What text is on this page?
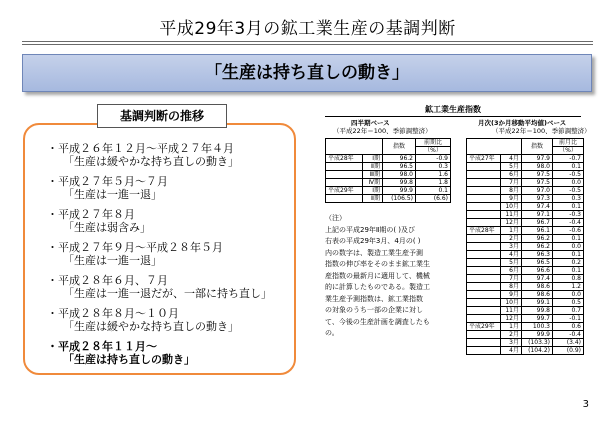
平成29年3月の鉱工業生産の基調判断
「生産は持ち直しの動き」
基調判断の推移
・平成２６年１２月～平成２７年４月
「生産は緩やかな持ち直しの動き」
・平成２７年５月～７月
「生産は一進一退」
・平成２７年８月
「生産は弱含み」
・平成２７年９月～平成２８年５月
「生産は一進一退」
・平成２８年６月、７月
「生産は一進一退だが、一部に持ち直し」
・平成２８年８月～１０月
「生産は緩やかな持ち直しの動き」
・平成２８年１１月～
「生産は持ち直しの動き」
鉱工業生産指数
四半期ベース
（平成22年＝100、季節調整済）
		指数	前期比
			（%）
平成28年	Ⅰ期	96.2	-0.9
	Ⅱ期	96.5	0.3
	Ⅲ期	98.0	1.6
	Ⅳ期	99.8	1.8
平成29年	Ⅰ期	99.9	0.1
	Ⅱ期	(106.5)	(6.6)
月次(3か月移動平均値)ベース
（平成22年＝100、季節調整済）
		指数	前月比
			（%）
平成27年	4月	97.9	-0.7
	5月	98.0	0.1
	6月	97.5	-0.5
	7月	97.5	0.0
	8月	97.0	-0.5
	9月	97.3	0.3
	10月	97.4	0.1
	11月	97.1	-0.3
	12月	96.7	-0.4
平成28年	1月	96.1	-0.6
	2月	96.2	0.1
	3月	96.2	0.0
	4月	96.3	0.1
	5月	96.5	0.2
	6月	96.6	0.1
	7月	97.4	0.8
	8月	98.6	1.2
	9月	98.6	0.0
	10月	99.1	0.5
	11月	99.8	0.7
	12月	99.7	-0.1
平成29年	1月	100.3	0.6
	2月	99.9	-0.4
	3月	(103.3)	(3.4)
	4月	(104.2)	(0.9)
（注）
上記の平成29年Ⅱ期の( )及び
右表の平成29年3月、4月の( )
内の数字は、製造工業生産予測
指数の伸び率をそのまま鉱工業生
産指数の最新月に適用して、機械
的に計算したものである。製造工
業生産予測指数は、鉱工業指数
の対象のうち一部の企業に対し
て、今後の生産計画を調査したも
の。
3
